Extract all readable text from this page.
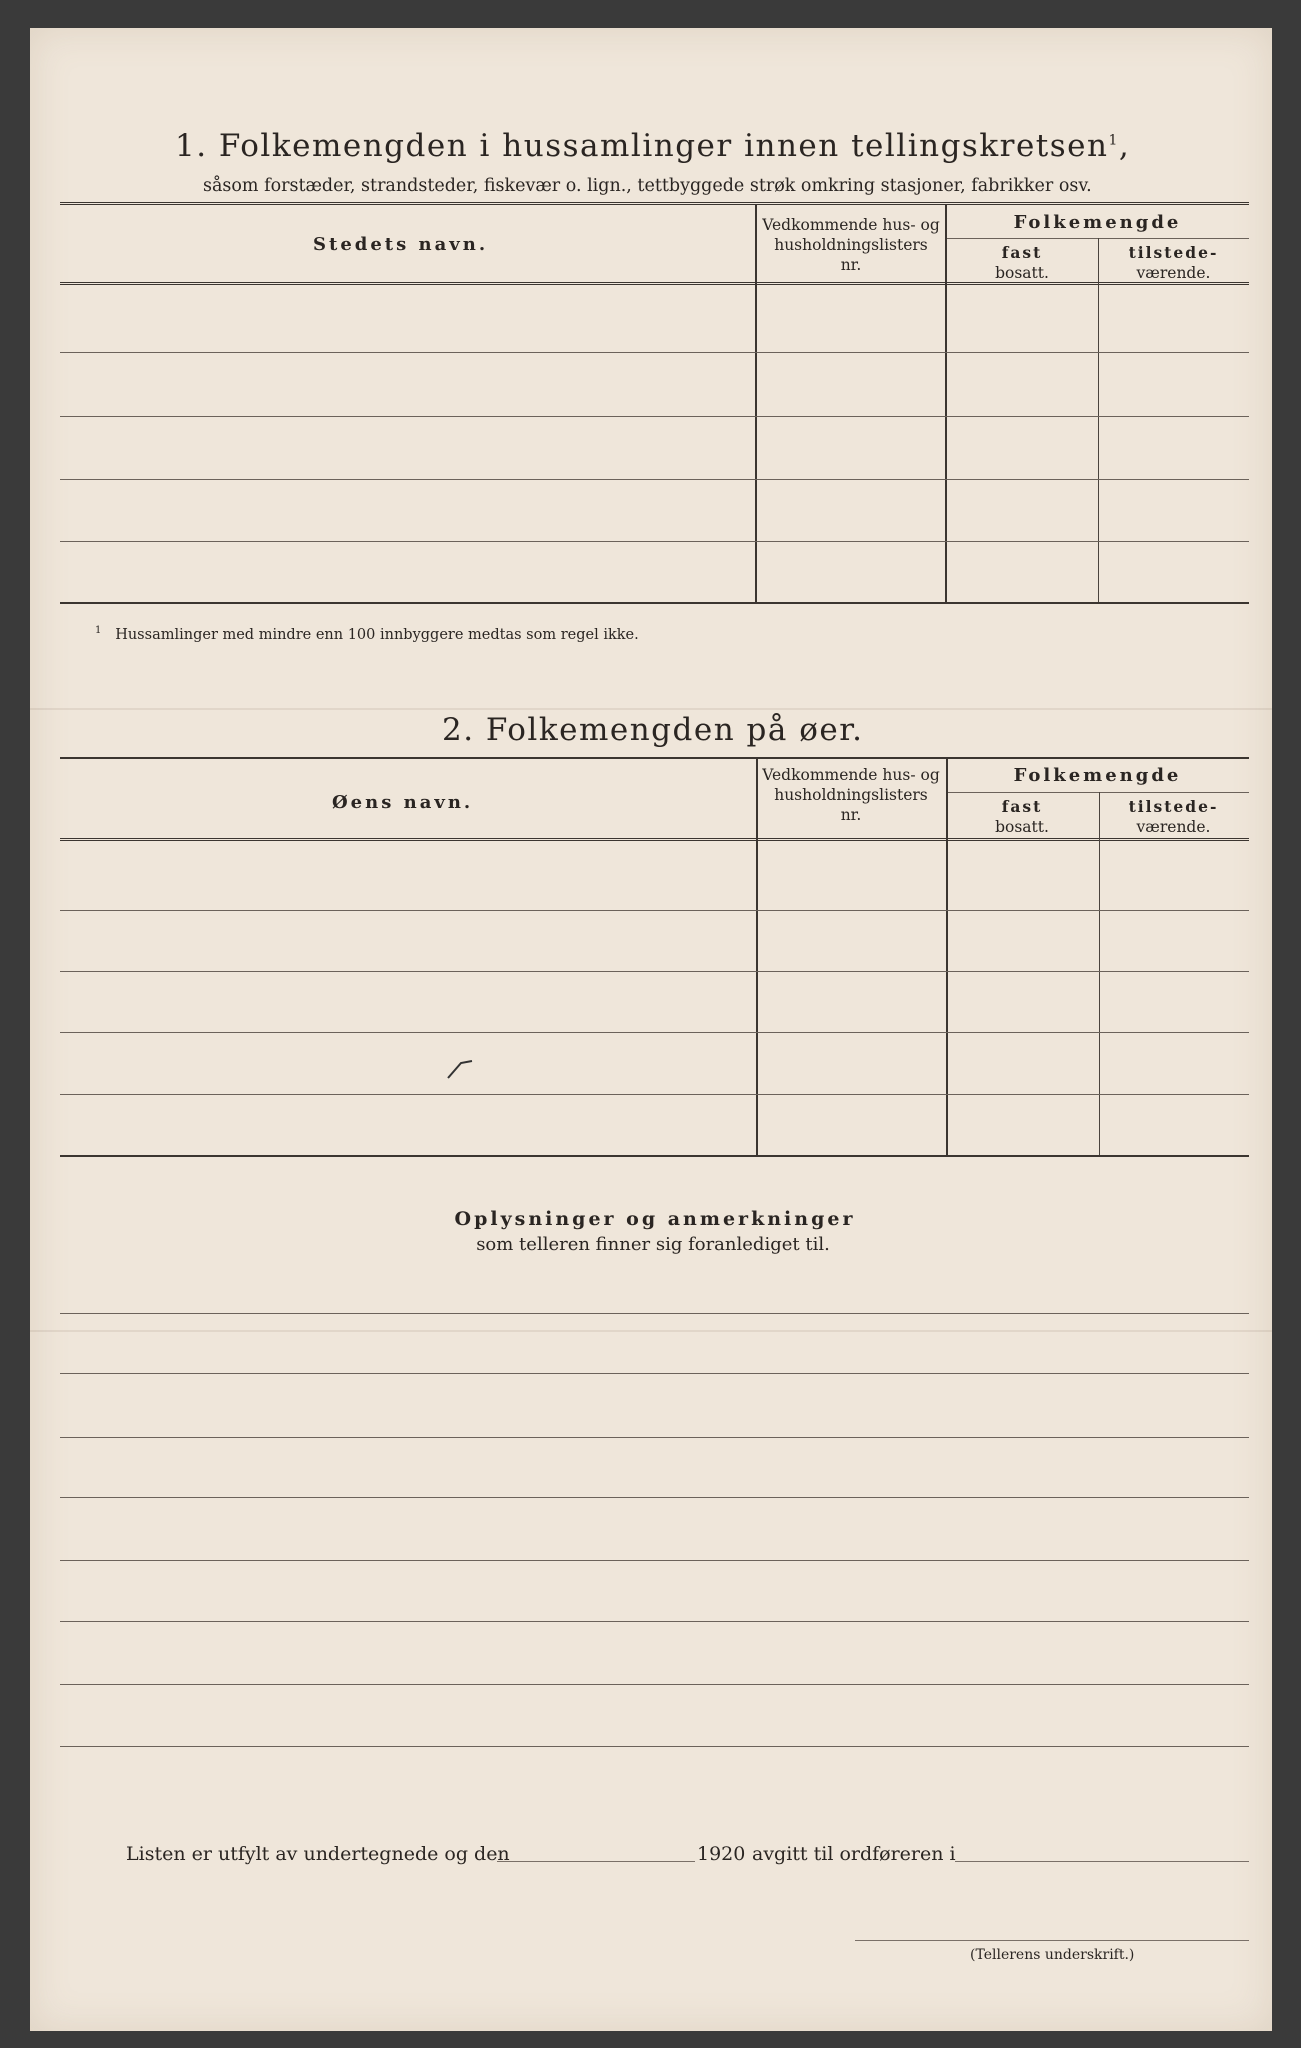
1. Folkemengden i hussamlinger innen tellingskretsen$^1$,
såsom forstæder, strandsteder, fiskevær o. lign., tettbyggede strøk omkring stasjoner, fabrikker osv.
Stedets navn.
Vedkommende hus- og
husholdningslisters
nr.
Folkemengde
fast
bosatt.
tilstede-
værende.
$^1$ Hussamlinger med mindre enn 100 innbyggere medtas som regel ikke.
2. Folkemengden på øer.
Øens navn.
Vedkommende hus- og
husholdningslisters
nr.
Folkemengde
fast
bosatt.
tilstede-
værende.
Oplysninger og anmerkninger
som telleren finner sig foranlediget til.
Listen er utfylt av undertegnede og den	1920 avgitt til ordføreren i
(Tellerens underskrift.)
